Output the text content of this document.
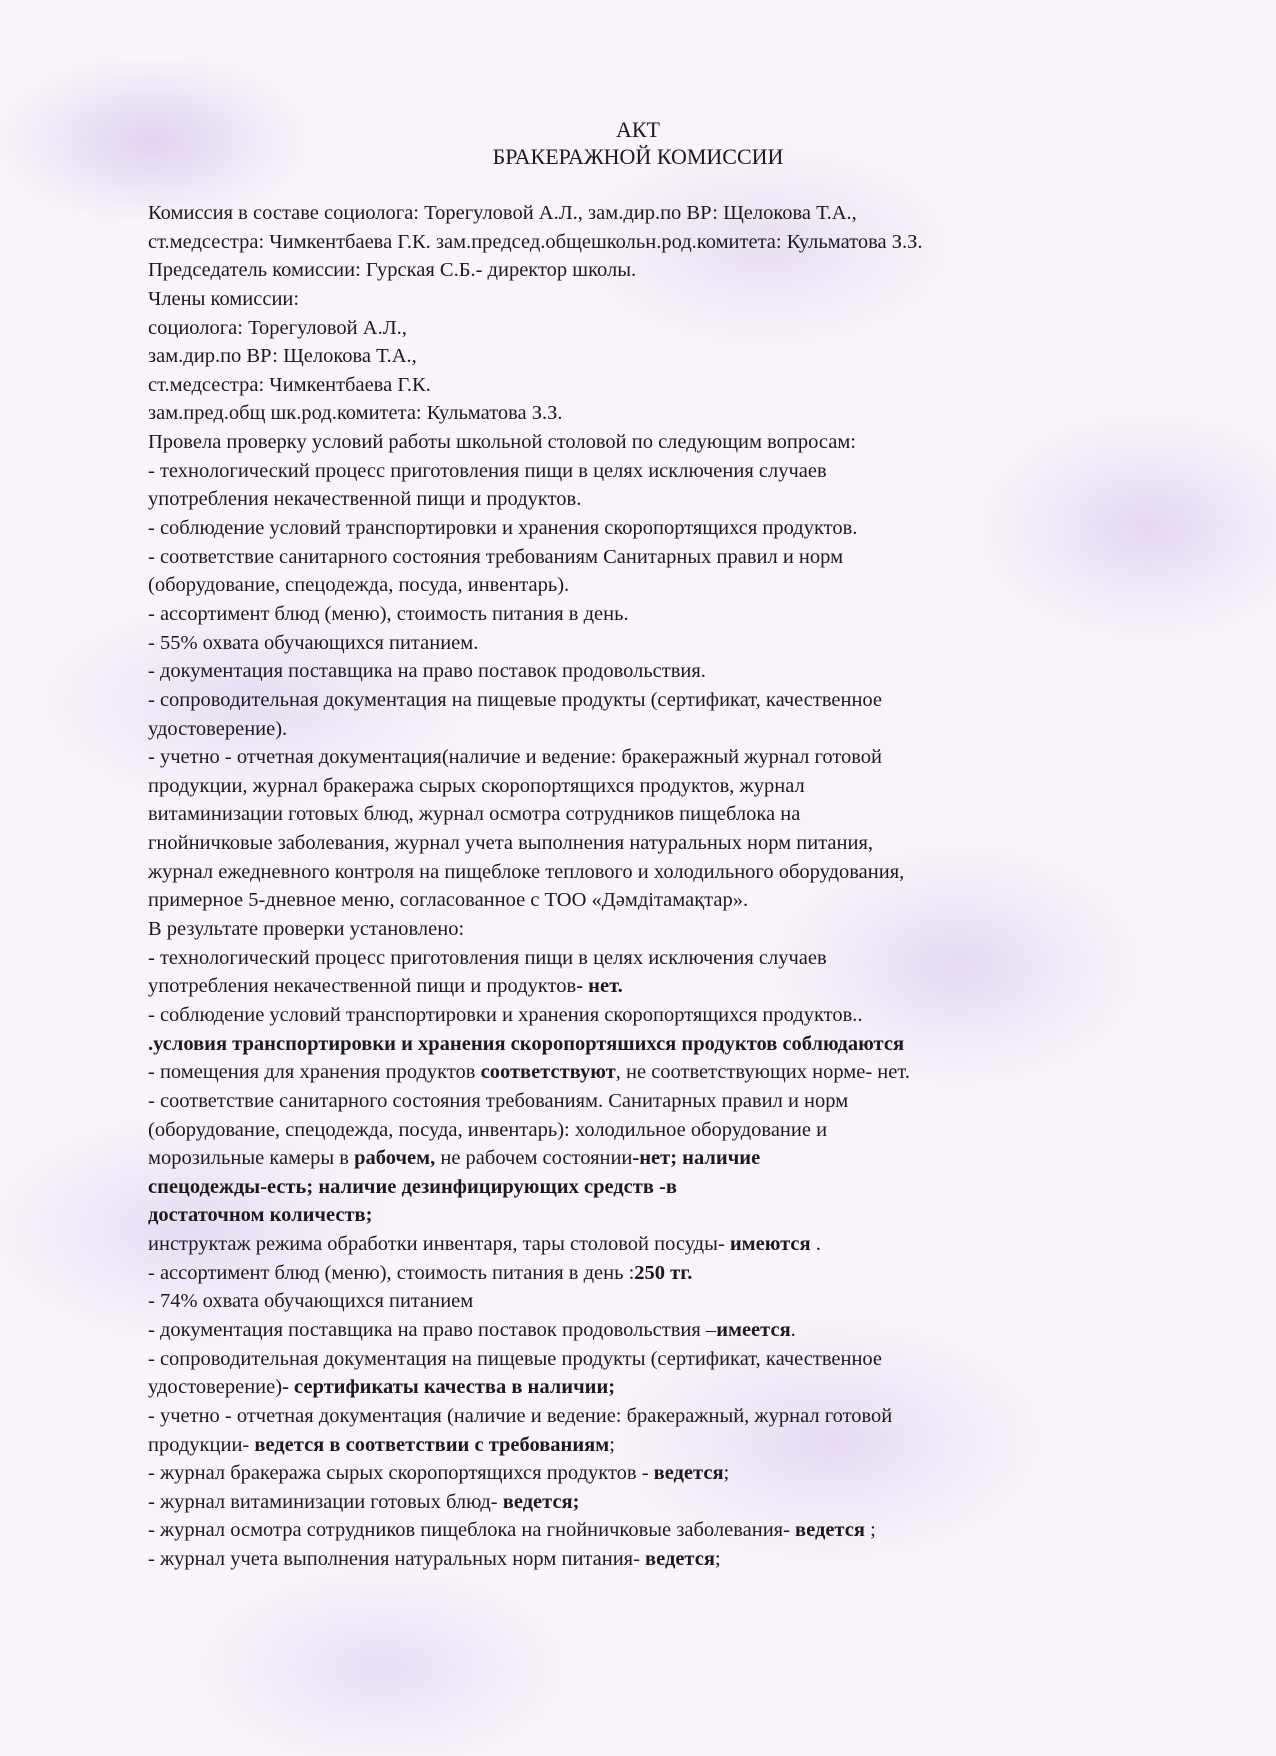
АКТ
БРАКЕРАЖНОЙ КОМИССИИ
Комиссия в составе социолога: Торегуловой А.Л., зам.дир.по ВР: Щелокова Т.А.,
ст.медсестра: Чимкентбаева Г.К. зам.председ.общешкольн.род.комитета: Кульматова З.З.
Председатель комиссии: Гурская С.Б.- директор школы.
Члены комиссии:
социолога: Торегуловой А.Л.,
зам.дир.по ВР: Щелокова Т.А.,
ст.медсестра: Чимкентбаева Г.К.
зам.пред.общ шк.род.комитета: Кульматова З.З.
Провела проверку условий работы школьной столовой по следующим вопросам:
- технологический процесс приготовления пищи в целях исключения случаев
употребления некачественной пищи и продуктов.
- соблюдение условий транспортировки и хранения скоропортящихся продуктов.
- соответствие санитарного состояния требованиям Санитарных правил и норм
(оборудование, спецодежда, посуда, инвентарь).
- ассортимент блюд (меню), стоимость питания в день.
- 55% охвата обучающихся питанием.
- документация поставщика на право поставок продовольствия.
- сопроводительная документация на пищевые продукты (сертификат, качественное
удостоверение).
- учетно - отчетная документация(наличие и ведение: бракеражный журнал готовой
продукции, журнал бракеража сырых скоропортящихся продуктов, журнал
витаминизации готовых блюд, журнал осмотра сотрудников пищеблока на
гнойничковые заболевания, журнал учета выполнения натуральных норм питания,
журнал ежедневного контроля на пищеблоке теплового и холодильного оборудования,
примерное 5-дневное меню, согласованное с ТОО «Дәмдітамақтар».
В результате проверки установлено:
- технологический процесс приготовления пищи в целях исключения случаев
употребления некачественной пищи и продуктов- нет.
- соблюдение условий транспортировки и хранения скоропортящихся продуктов..
.условия транспортировки и хранения скоропортяшихся продуктов соблюдаются
- помещения для хранения продуктов соответствуют, не соответствующих норме- нет.
- соответствие санитарного состояния требованиям. Санитарных правил и норм
(оборудование, спецодежда, посуда, инвентарь): холодильное оборудование и
морозильные камеры в рабочем, не рабочем состоянии-нет; наличие
спецодежды-есть; наличие дезинфицирующих средств -в
достаточном количеств;
инструктаж режима обработки инвентаря, тары столовой посуды- имеются .
- ассортимент блюд (меню), стоимость питания в день :250 тг.
- 74% охвата обучающихся питанием
- документация поставщика на право поставок продовольствия –имеется.
- сопроводительная документация на пищевые продукты (сертификат, качественное
удостоверение)- сертификаты качества в наличии;
- учетно - отчетная документация (наличие и ведение: бракеражный, журнал готовой
продукции- ведется в соответствии с требованиям;
- журнал бракеража сырых скоропортящихся продуктов - ведется;
- журнал витаминизации готовых блюд- ведется;
- журнал осмотра сотрудников пищеблока на гнойничковые заболевания- ведется ;
- журнал учета выполнения натуральных норм питания- ведется;
